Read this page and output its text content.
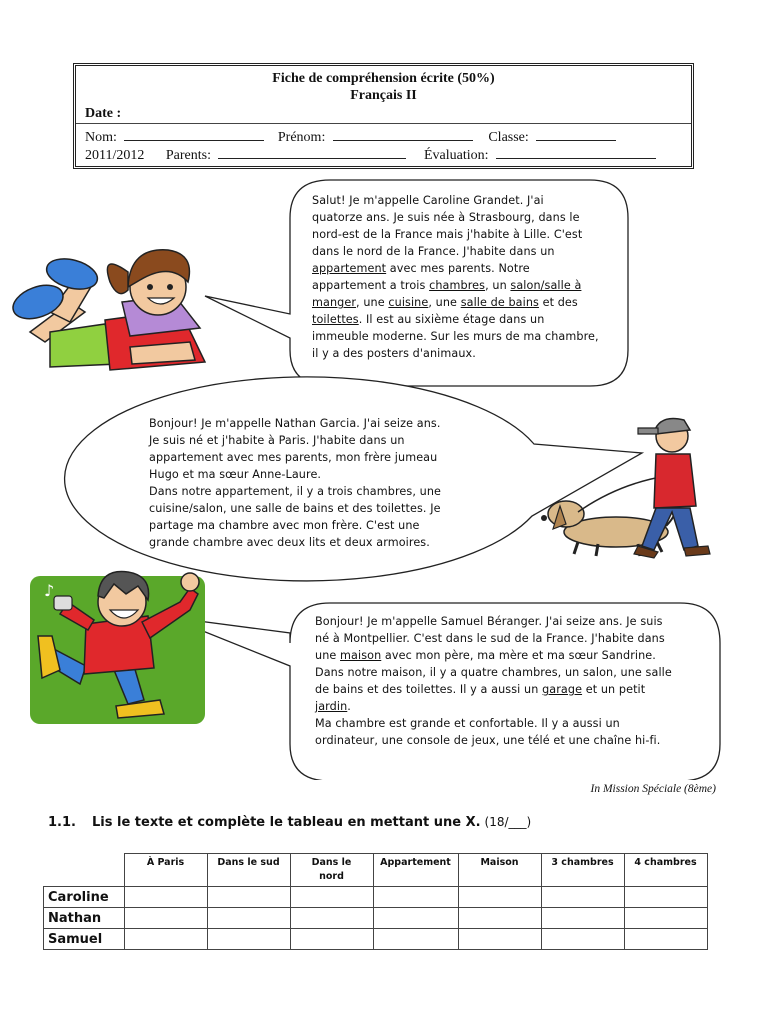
Fiche de compréhension écrite (50%)
Français II
Date :
Nom:	Prénom:	Classe:
2011/2012 Parents:	Évaluation:
♪

Salut! Je m'appelle Caroline Grandet. J'ai

quatorze ans. Je suis née à Strasbourg, dans le

nord-est de la France mais j'habite à Lille. C'est

dans le nord de la France. J'habite dans un

appartement avec mes parents. Notre

appartement a trois chambres, un salon/salle à

manger, une cuisine, une salle de bains et des

toilettes. Il est au sixième étage dans un

immeuble moderne. Sur les murs de ma chambre,

il y a des posters d'animaux.

Bonjour! Je m'appelle Nathan Garcia. J'ai seize ans.

Je suis né et j'habite à Paris. J'habite dans un

appartement avec mes parents, mon frère jumeau

Hugo et ma sœur Anne-Laure.

Dans notre appartement, il y a trois chambres, une

cuisine/salon, une salle de bains et des toilettes. Je

partage ma chambre avec mon frère. C'est une

grande chambre avec deux lits et deux armoires.

Bonjour! Je m'appelle Samuel Béranger. J'ai seize ans. Je suis

né à Montpellier. C'est dans le sud de la France. J'habite dans

une maison avec mon père, ma mère et ma sœur Sandrine.

Dans notre maison, il y a quatre chambres, un salon, une salle

de bains et des toilettes. Il y a aussi un garage et un petit

jardin.

Ma chambre est grande et confortable. Il y a aussi un

ordinateur, une console de jeux, une télé et une chaîne hi-fi.

In Mission Spéciale (8ème)
1.1. Lis le texte et complète le tableau en mettant une X. (18/___)
	À Paris	Dans le sud	Dans le nord	Appartement	Maison	3 chambres	4 chambres
Caroline							
Nathan							
Samuel							
